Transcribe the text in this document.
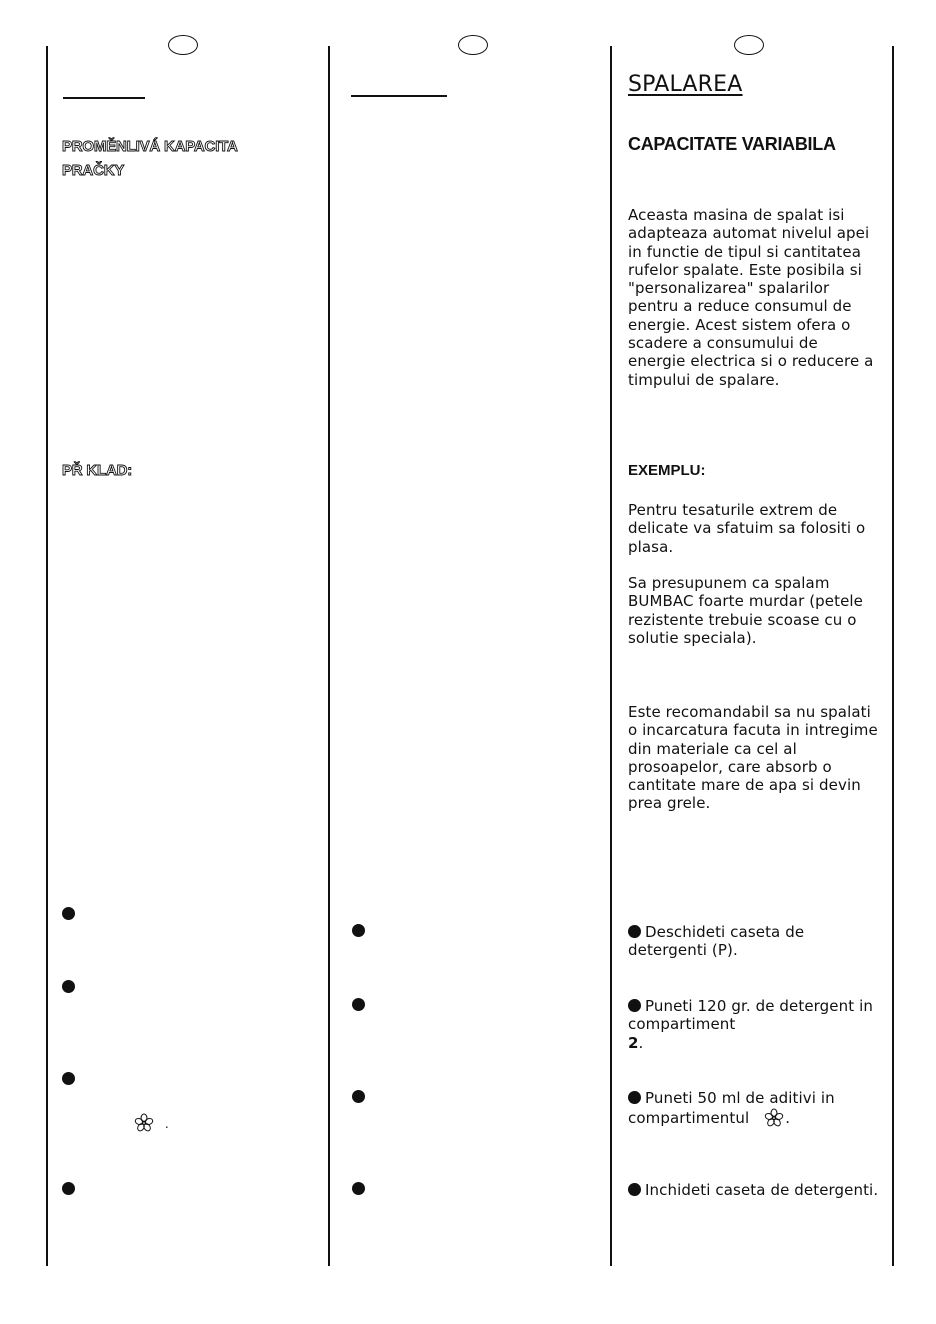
PROMĚNLIVÁ KAPACITA PRAČKY
PŘ KLAD:
.
SPALAREA
CAPACITATE VARIABILA

Aceasta masina de spalat isi adapteaza automat nivelul apei in functie de tipul si cantitatea rufelor spalate. Este posibila si "personalizarea" spalarilor pentru a reduce consumul de energie. Acest sistem ofera o scadere a consumului de energie electrica si o reducere a timpului de spalare.

EXEMPLU:

Pentru tesaturile extrem de delicate va sfatuim sa folositi o plasa.

Sa presupunem ca spalam BUMBAC foarte murdar (petele rezistente trebuie scoase cu o solutie speciala).

Este recomandabil sa nu spalati o incarcatura facuta in intregime din materiale ca cel al prosoapelor, care absorb o cantitate mare de apa si devin prea grele.

Deschideti caseta de detergenti (P).

Puneti 120 gr. de detergent in compartiment
2.

Puneti 50 ml de aditivi in compartimentul .

Inchideti caseta de detergenti.
